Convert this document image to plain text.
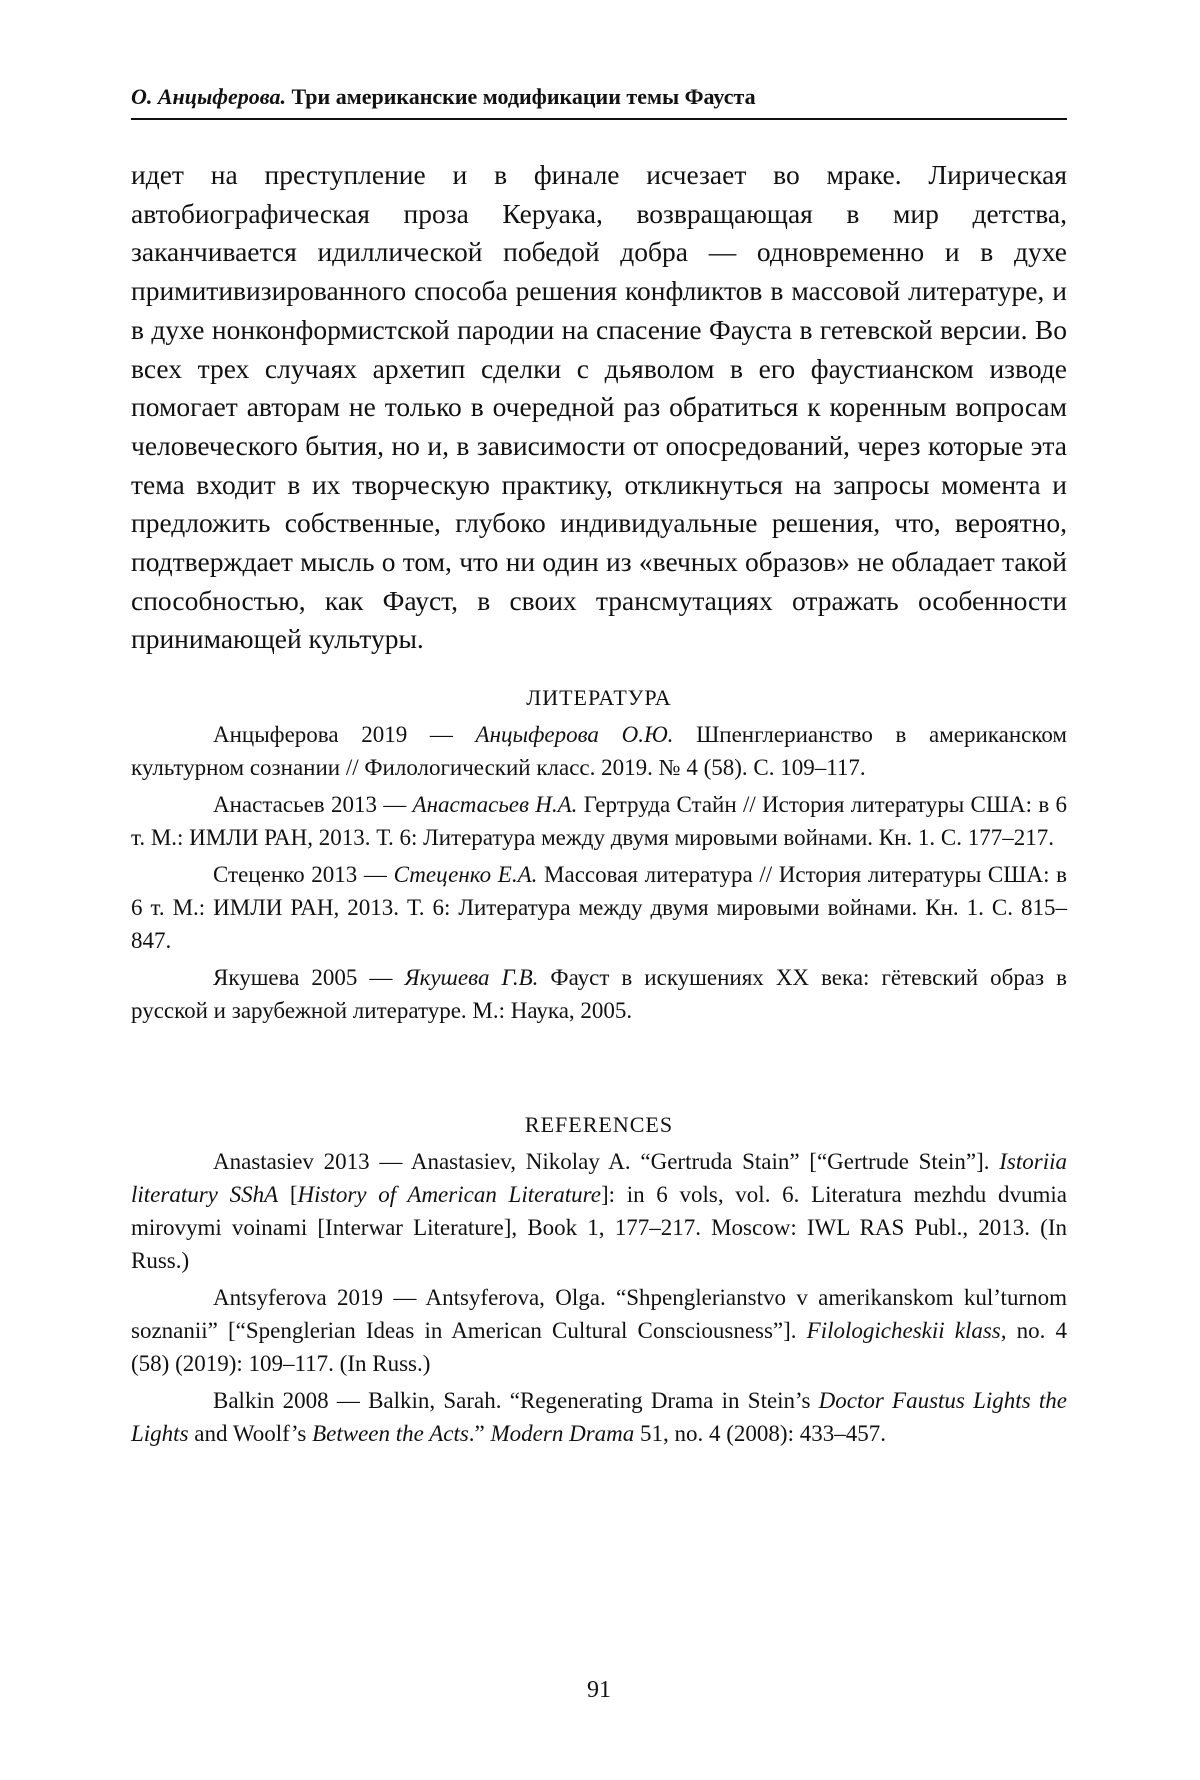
О. Анцыферова. Три американские модификации темы Фауста

идет на преступление и в финале исчезает во мраке. Лирическая автобиографическая проза Керуака, возвращающая в мир детства, заканчивается идиллической победой добра — одновременно и в духе примитивизированного способа решения конфликтов в массовой литературе, и в духе нонконформистской пародии на спасение Фауста в гетевской версии. Во всех трех случаях архетип сделки с дьяволом в его фаустианском изводе помогает авторам не только в очередной раз обратиться к коренным вопросам человеческого бытия, но и, в зависимости от опосредований, через которые эта тема входит в их творческую практику, откликнуться на запросы момента и предложить собственные, глубоко индивидуальные решения, что, вероятно, подтверждает мысль о том, что ни один из «вечных образов» не обладает такой способностью, как Фауст, в своих трансмутациях отражать особенности принимающей культуры.

ЛИТЕРАТУРА

Анцыферова 2019 — Анцыферова О.Ю. Шпенглерианство в американском культурном сознании // Филологический класс. 2019. № 4 (58). С. 109–117.

Анастасьев 2013 — Анастасьев Н.А. Гертруда Стайн // История литературы США: в 6 т. М.: ИМЛИ РАН, 2013. Т. 6: Литература между двумя мировыми войнами. Кн. 1. С. 177–217.

Стеценко 2013 — Стеценко Е.А. Массовая литература // История литературы США: в 6 т. М.: ИМЛИ РАН, 2013. Т. 6: Литература между двумя мировыми войнами. Кн. 1. С. 815–847.

Якушева 2005 — Якушева Г.В. Фауст в искушениях XX века: гётевский образ в русской и зарубежной литературе. М.: Наука, 2005.

REFERENCES

Anastasiev 2013 — Anastasiev, Nikolay A. “Gertruda Stain” [“Gertrude Stein”]. Istoriia literatury SShA [History of American Literature]: in 6 vols, vol. 6. Literatura mezhdu dvumia mirovymi voinami [Interwar Literature], Book 1, 177–217. Moscow: IWL RAS Publ., 2013. (In Russ.)

Antsyferova 2019 — Antsyferova, Olga. “Shpenglerianstvo v amerikanskom kul’turnom soznanii” [“Spenglerian Ideas in American Cultural Consciousness”]. Filologicheskii klass, no. 4 (58) (2019): 109–117. (In Russ.)

Balkin 2008 — Balkin, Sarah. “Regenerating Drama in Stein’s Doctor Faustus Lights the Lights and Woolf’s Between the Acts.” Modern Drama 51, no. 4 (2008): 433–457.

91
